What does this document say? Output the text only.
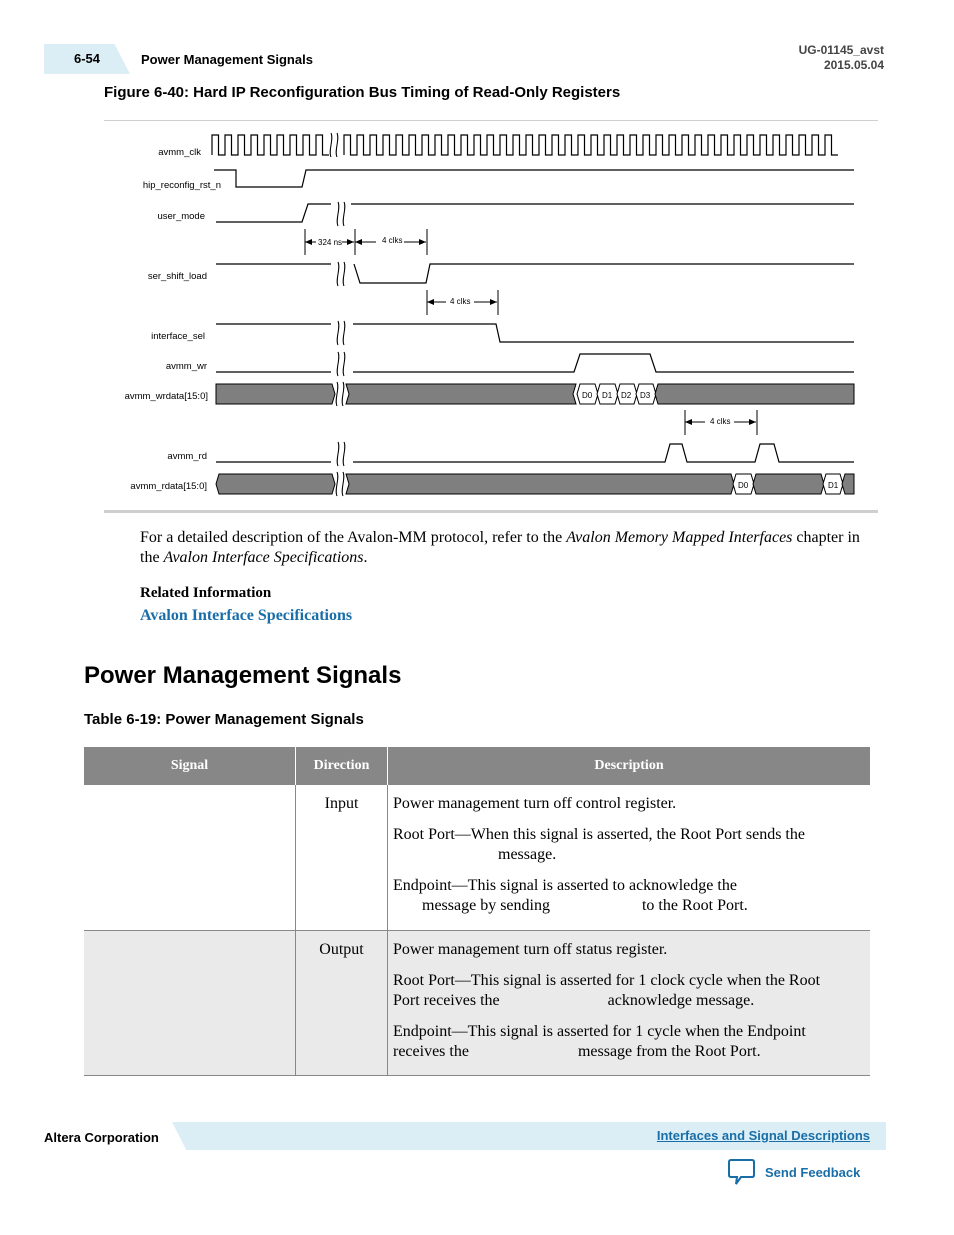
6-54	Power Management Signals
UG-01145_avst
2015.05.04
Figure 6-40: Hard IP Reconfiguration Bus Timing of Read-Only Registers
avmm_clk
hip_reconfig_rst_n
user_mode
ser_shift_load
interface_sel
avmm_wr
avmm_wrdata[15:0]
avmm_rd
avmm_rdata[15:0]
324 ns	4 clks
4 clks
D0 D1 D2 D3
4 clks
D0	D1
For a detailed description of the Avalon-MM protocol, refer to the Avalon Memory Mapped Interfaces chapter in the Avalon Interface Specifications.
Related Information
Avalon Interface Specifications
Power Management Signals
Table 6-19: Power Management Signals
Signal	Direction	Description
	Input	Power management turn off control register.

Root Port—When this signal is asserted, the Root Port sends the
message.

Endpoint—This signal is asserted to acknowledge the
message by sending to the Root Port.

	Output	Power management turn off status register.

Root Port—This signal is asserted for 1 clock cycle when the Root
Port receives the acknowledge message.

Endpoint—This signal is asserted for 1 cycle when the Endpoint
receives the message from the Root Port.

Altera Corporation	Interfaces and Signal Descriptions
Send Feedback
